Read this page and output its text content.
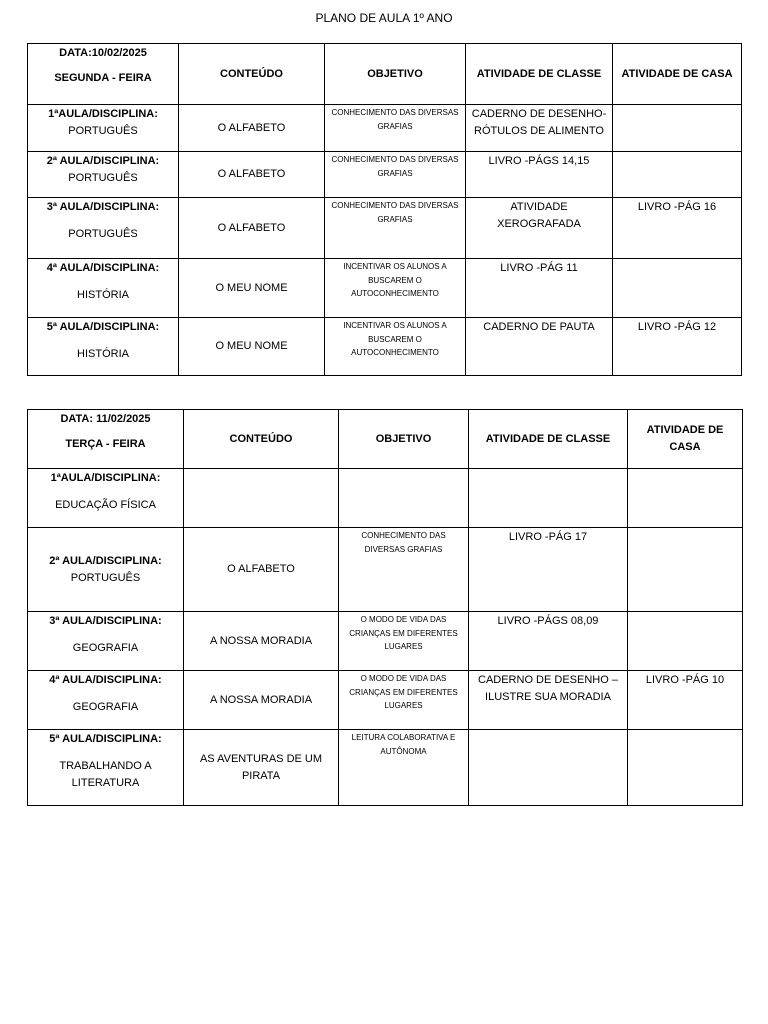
PLANO DE AULA 1º ANO
DATA:10/02/2025
SEGUNDA - FEIRA	CONTEÚDO	OBJETIVO	ATIVIDADE DE CLASSE	ATIVIDADE DE CASA

1ªAULA/DISCIPLINA:
PORTUGUÊS	O ALFABETO	CONHECIMENTO DAS DIVERSAS GRAFIAS	CADERNO DE DESENHO- RÓTULOS DE ALIMENTO	

2ª AULA/DISCIPLINA:
PORTUGUÊS	O ALFABETO	CONHECIMENTO DAS DIVERSAS GRAFIAS	LIVRO -PÁGS 14,15	

3ª AULA/DISCIPLINA:
PORTUGUÊS	O ALFABETO	CONHECIMENTO DAS DIVERSAS GRAFIAS	ATIVIDADE XEROGRAFADA	LIVRO -PÁG 16

4ª AULA/DISCIPLINA:
HISTÓRIA	O MEU NOME	INCENTIVAR OS ALUNOS A BUSCAREM O AUTOCONHECIMENTO	LIVRO -PÁG 11	

5ª AULA/DISCIPLINA:
HISTÓRIA	O MEU NOME	INCENTIVAR OS ALUNOS A BUSCAREM O AUTOCONHECIMENTO	CADERNO DE PAUTA	LIVRO -PÁG 12
DATA: 11/02/2025
TERÇA - FEIRA	CONTEÚDO	OBJETIVO	ATIVIDADE DE CLASSE	ATIVIDADE DE CASA

1ªAULA/DISCIPLINA:
EDUCAÇÃO FÍSICA				

2ª AULA/DISCIPLINA:
PORTUGUÊS	O ALFABETO	CONHECIMENTO DAS DIVERSAS GRAFIAS	LIVRO -PÁG 17	

3ª AULA/DISCIPLINA:
GEOGRAFIA	A NOSSA MORADIA	O MODO DE VIDA DAS CRIANÇAS EM DIFERENTES LUGARES	LIVRO -PÁGS 08,09	

4ª AULA/DISCIPLINA:
GEOGRAFIA	A NOSSA MORADIA	O MODO DE VIDA DAS CRIANÇAS EM DIFERENTES LUGARES	CADERNO DE DESENHO – ILUSTRE SUA MORADIA	LIVRO -PÁG 10

5ª AULA/DISCIPLINA:
TRABALHANDO A LITERATURA	AS AVENTURAS DE UM PIRATA	LEITURA COLABORATIVA E AUTÔNOMA		
